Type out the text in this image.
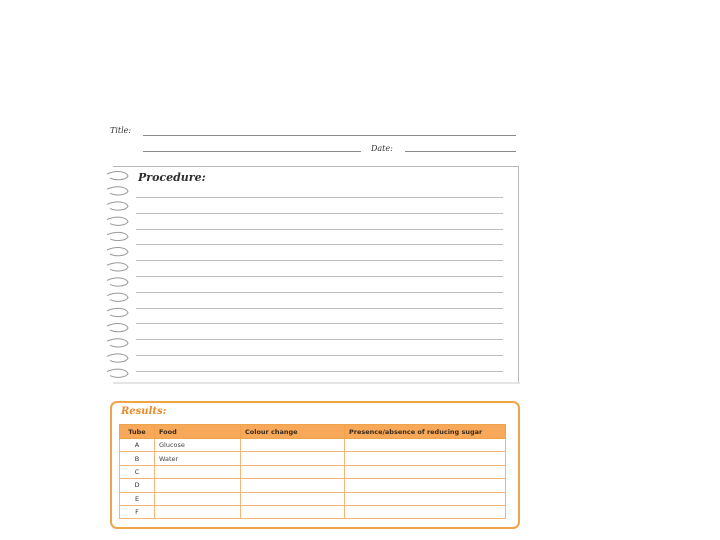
Title:
Date:
Procedure:
Results:
Tube	Food	Colour change	Presence/absence of reducing sugar
A	Glucose		
B	Water		
C			
D			
E			
F			
